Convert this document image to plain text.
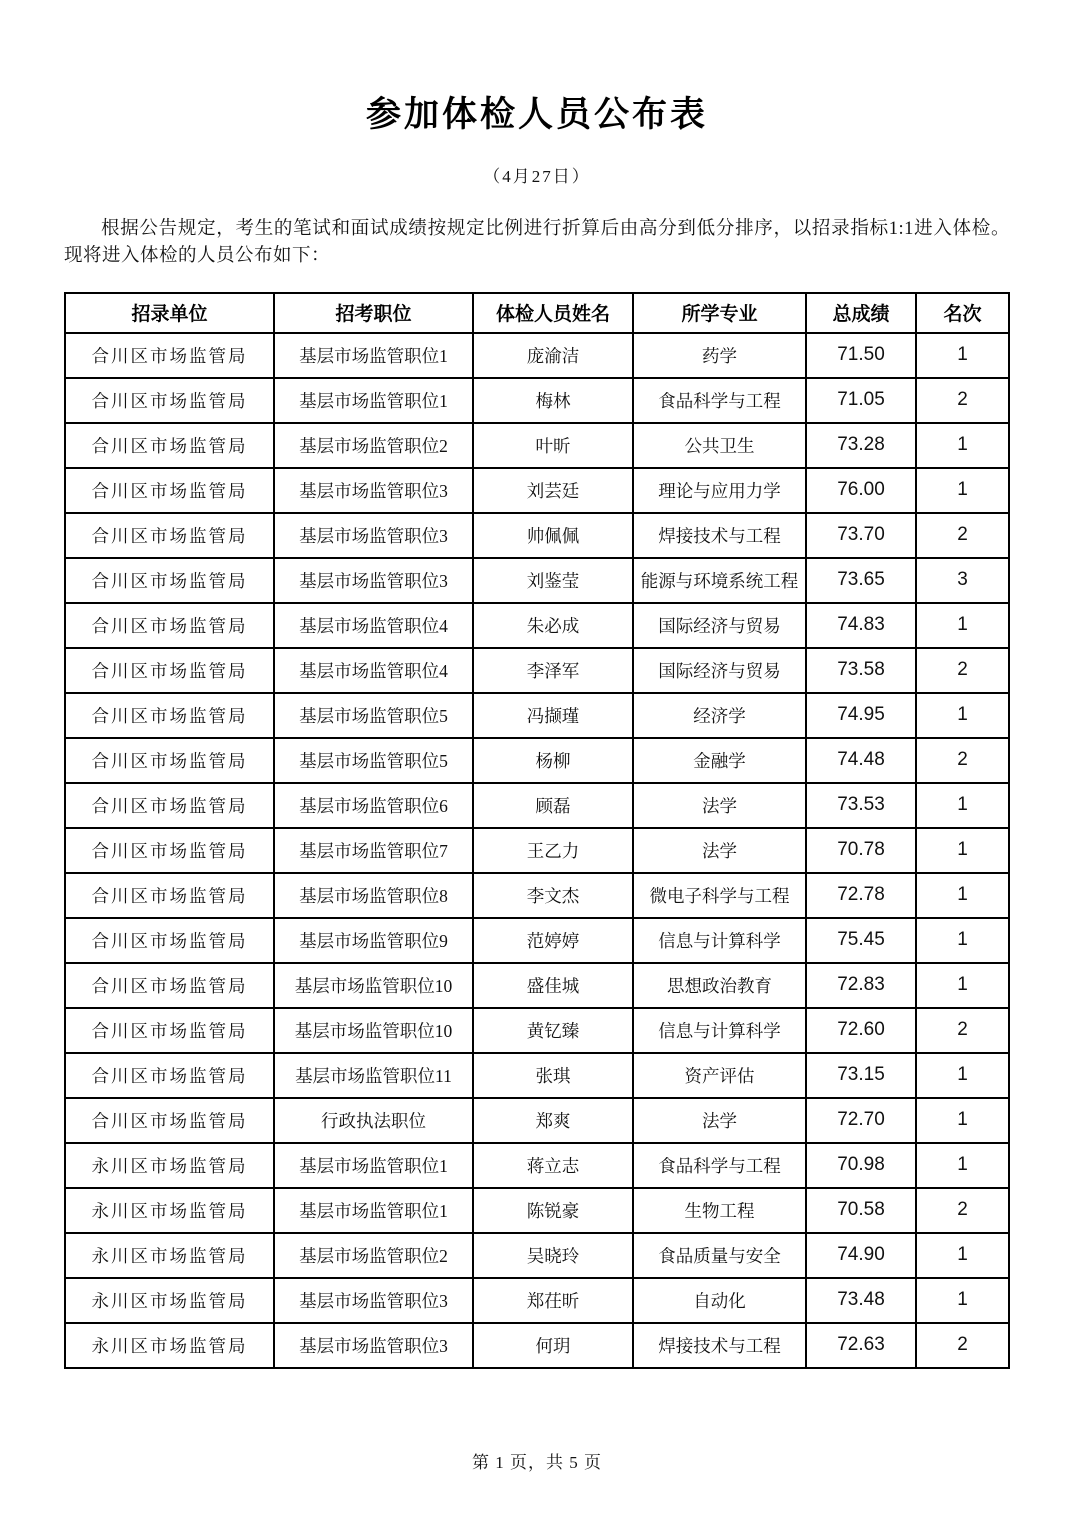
参加体检人员公布表
（4月27日）

根据公告规定，考生的笔试和面试成绩按规定比例进行折算后由高分到低分排序，以招录指标1:1进入体检。现将进入体检的人员公布如下：

招录单位	招考职位	体检人员姓名	所学专业	总成绩	名次
合川区市场监管局	基层市场监管职位1	庞渝洁	药学	71.50	1
合川区市场监管局	基层市场监管职位1	梅林	食品科学与工程	71.05	2
合川区市场监管局	基层市场监管职位2	叶昕	公共卫生	73.28	1
合川区市场监管局	基层市场监管职位3	刘芸廷	理论与应用力学	76.00	1
合川区市场监管局	基层市场监管职位3	帅佩佩	焊接技术与工程	73.70	2
合川区市场监管局	基层市场监管职位3	刘鉴莹	能源与环境系统工程	73.65	3
合川区市场监管局	基层市场监管职位4	朱必成	国际经济与贸易	74.83	1
合川区市场监管局	基层市场监管职位4	李泽军	国际经济与贸易	73.58	2
合川区市场监管局	基层市场监管职位5	冯撷瑾	经济学	74.95	1
合川区市场监管局	基层市场监管职位5	杨柳	金融学	74.48	2
合川区市场监管局	基层市场监管职位6	顾磊	法学	73.53	1
合川区市场监管局	基层市场监管职位7	王乙力	法学	70.78	1
合川区市场监管局	基层市场监管职位8	李文杰	微电子科学与工程	72.78	1
合川区市场监管局	基层市场监管职位9	范婷婷	信息与计算科学	75.45	1
合川区市场监管局	基层市场监管职位10	盛佳城	思想政治教育	72.83	1
合川区市场监管局	基层市场监管职位10	黄钇臻	信息与计算科学	72.60	2
合川区市场监管局	基层市场监管职位11	张琪	资产评估	73.15	1
合川区市场监管局	行政执法职位	郑爽	法学	72.70	1
永川区市场监管局	基层市场监管职位1	蒋立志	食品科学与工程	70.98	1
永川区市场监管局	基层市场监管职位1	陈锐豪	生物工程	70.58	2
永川区市场监管局	基层市场监管职位2	吴晓玲	食品质量与安全	74.90	1
永川区市场监管局	基层市场监管职位3	郑茌昕	自动化	73.48	1
永川区市场监管局	基层市场监管职位3	何玥	焊接技术与工程	72.63	2
第 1 页，共 5 页
